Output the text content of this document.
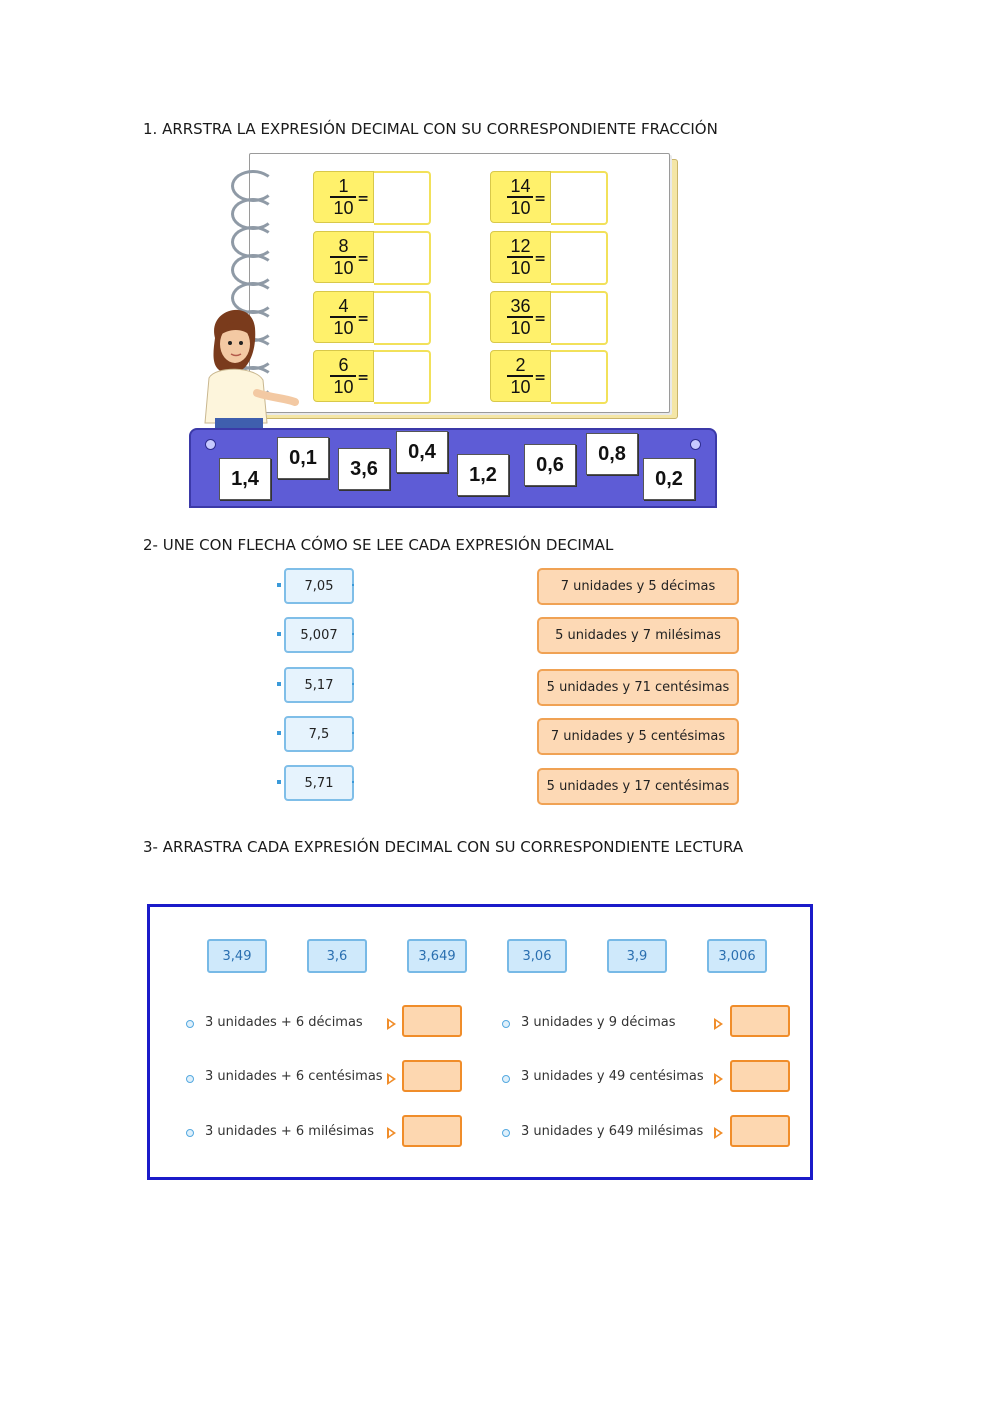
1. ARRSTRA LA EXPRESIÓN DECIMAL CON SU CORRESPONDIENTE FRACCIÓN
$\frac{1}{10}$ =
$\frac{8}{10}$ =
$\frac{4}{10}$ =
$\frac{6}{10}$ =
$\frac{14}{10}$ =
$\frac{12}{10}$ =
$\frac{36}{10}$ =
$\frac{2}{10}$ =
1,4
0,1	3,6
0,4
1,2	0,6	0,8
0,2
2- UNE CON FLECHA CÓMO SE LEE CADA EXPRESIÓN DECIMAL
7,05
5,007
5,17
7,5
5,71
7 unidades y 5 décimas
5 unidades y 7 milésimas
5 unidades y 71 centésimas
7 unidades y 5 centésimas
5 unidades y 17 centésimas
3- ARRASTRA CADA EXPRESIÓN DECIMAL CON SU CORRESPONDIENTE LECTURA
3,49	3,6	3,649	3,06	3,9	3,006
3 unidades + 6 décimas
3 unidades + 6 centésimas
3 unidades + 6 milésimas
3 unidades y 9 décimas
3 unidades y 49 centésimas
3 unidades y 649 milésimas
